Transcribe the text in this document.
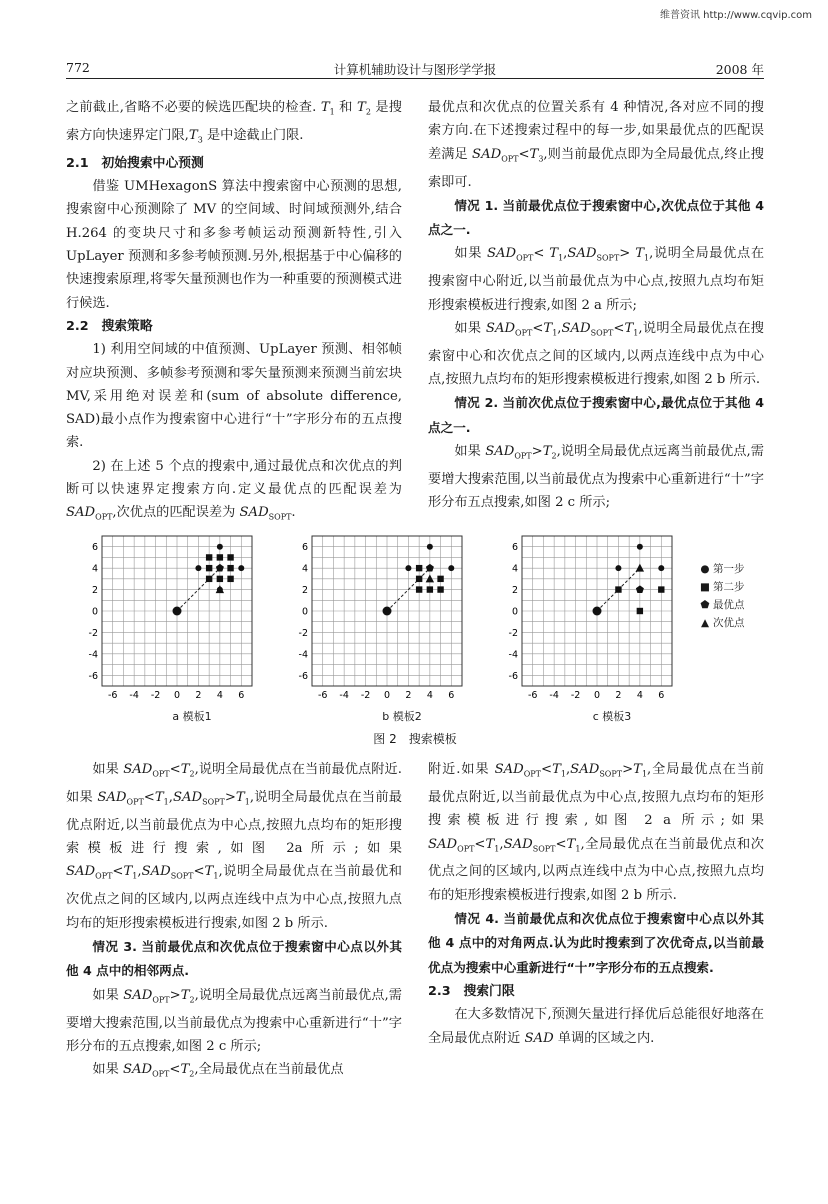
维普资讯 http://www.cqvip.com
772	计算机辅助设计与图形学学报	2008 年

之前截止,省略不必要的候选匹配块的检查. $T_1$ 和 $T_2$ 是搜索方向快速界定门限$,T_3$ 是中途截止门限.

2.1　初始搜索中心预测

借鉴 UMHexagonS 算法中搜索窗中心预测的思想,搜索窗中心预测除了 MV 的空间域、时间域预测外,结合 H.264 的变块尺寸和多参考帧运动预测新特性,引入 UpLayer 预测和多参考帧预测.另外,根据基于中心偏移的快速搜索原理,将零矢量预测也作为一种重要的预测模式进行候选.

2.2　搜索策略

1) 利用空间域的中值预测、UpLayer 预测、相邻帧对应块预测、多帧参考预测和零矢量预测来预测当前宏块 MV,采用绝对误差和(sum of absolute difference, SAD)最小点作为搜索窗中心进行“十”字形分布的五点搜索.

2) 在上述 5 个点的搜索中,通过最优点和次优点的判断可以快速界定搜索方向.定义最优点的匹配误差为 $SAD_{OPT}$,次优点的匹配误差为 $SAD_{SOPT}$.

最优点和次优点的位置关系有 4 种情况,各对应不同的搜索方向.在下述搜索过程中的每一步,如果最优点的匹配误差满足 $SAD_{OPT}<T_3$,则当前最优点即为全局最优点,终止搜索即可.

情况 1. 当前最优点位于搜索窗中心,次优点位于其他 4 点之一.

如果 $SAD_{OPT}< T_1,SAD_{SOPT}> T_1$,说明全局最优点在搜索窗中心附近,以当前最优点为中心点,按照九点均布矩形搜索模板进行搜索,如图 2 a 所示;

如果 $SAD_{OPT}<T_1,SAD_{SOPT}<T_1$,说明全局最优点在搜索窗中心和次优点之间的区域内,以两点连线中点为中心点,按照九点均布的矩形搜索模板进行搜索,如图 2 b 所示.

情况 2. 当前次优点位于搜索窗中心,最优点位于其他 4 点之一.

如果 $SAD_{OPT}>T_2$,说明全局最优点远离当前最优点,需要增大搜索范围,以当前最优点为搜索中心重新进行“十”字形分布五点搜索,如图 2 c 所示;

-6
-4
-2
0
2
4
6
-6 -4 -2 0 2 4 6
-6
-4
-2
0
2
4
6
-6 -4 -2 0 2 4 6
-6
-4
-2
0
2
4
6
-6 -4 -2 0 2 4 6
a 模板1	b 模板2	c 模板3
● 第一步
■ 第二步
⬟ 最优点
▲ 次优点
图 2　搜索模板

如果 $SAD_{OPT}<T_2$,说明全局最优点在当前最优点附近.如果 $SAD_{OPT}<T_1,SAD_{SOPT}>T_1$,说明全局最优点在当前最优点附近,以当前最优点为中心点,按照九点均布的矩形搜索模板进行搜索,如图 2a所示;如果 $SAD_{OPT}<T_1,SAD_{SOPT}<T_1$,说明全局最优点在当前最优和次优点之间的区域内,以两点连线中点为中心点,按照九点均布的矩形搜索模板进行搜索,如图 2 b 所示.

情况 3. 当前最优点和次优点位于搜索窗中心点以外其他 4 点中的相邻两点.

如果 $SAD_{OPT}>T_2$,说明全局最优点远离当前最优点,需要增大搜索范围,以当前最优点为搜索中心重新进行“十”字形分布的五点搜索,如图 2 c 所示;

如果 $SAD_{OPT}<T_2$,全局最优点在当前最优点

附近.如果 $SAD_{OPT}<T_1,SAD_{SOPT}>T_1$,全局最优点在当前最优点附近,以当前最优点为中心点,按照九点均布的矩形搜索模板进行搜索,如图 2 a 所示;如果 $SAD_{OPT}<T_1,SAD_{SOPT}<T_1$,全局最优点在当前最优点和次优点之间的区域内,以两点连线中点为中心点,按照九点均布的矩形搜索模板进行搜索,如图 2 b 所示.

情况 4. 当前最优点和次优点位于搜索窗中心点以外其他 4 点中的对角两点.认为此时搜索到了次优奇点,以当前最优点为搜索中心重新进行“十”字形分布的五点搜索.

2.3　搜索门限

在大多数情况下,预测矢量进行择优后总能很好地落在全局最优点附近 SAD 单调的区域之内.
